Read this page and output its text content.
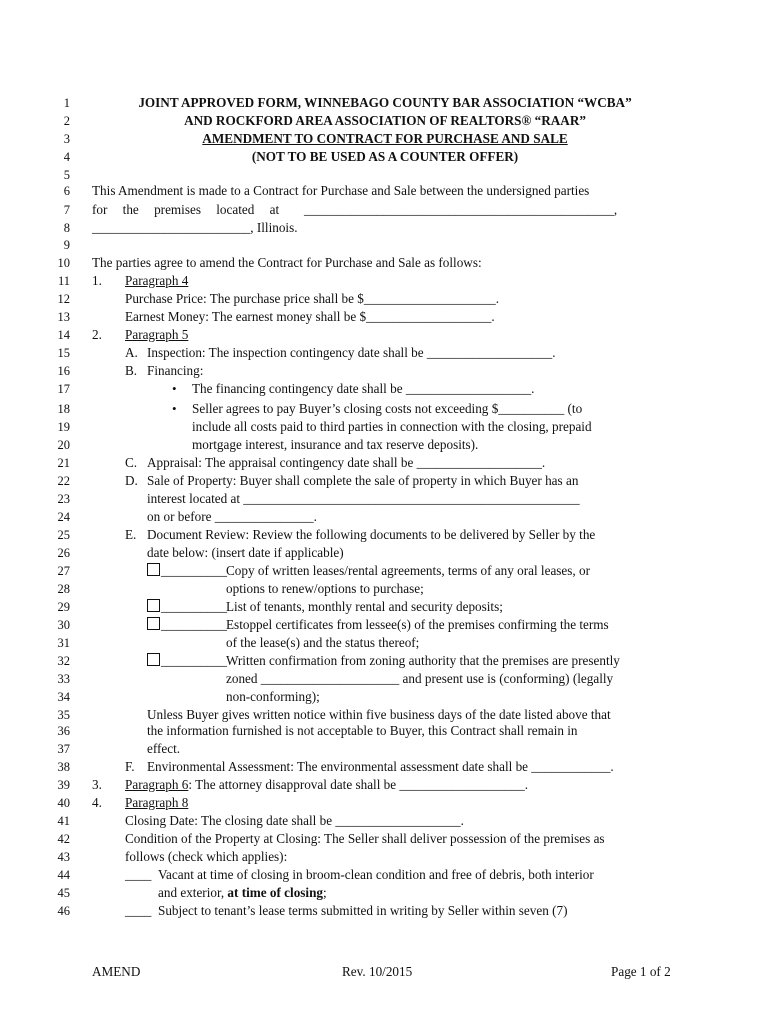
1
2
3
4
5
6
7
8
9
10
11
12
13
14
15
16
17
18
19
20
21
22
23
24
25
26
27
28
29
30
31
32
33
34
35
36
37
38
39
40
41
42
43
44
45
46
JOINT APPROVED FORM, WINNEBAGO COUNTY BAR ASSOCIATION “WCBA”
AND ROCKFORD AREA ASSOCIATION OF REALTORS® “RAAR”
AMENDMENT TO CONTRACT FOR PURCHASE AND SALE
(NOT TO BE USED AS A COUNTER OFFER)
This Amendment is made to a Contract for Purchase and Sale between the undersigned parties
for the premises located at _______________________________________________,
________________________, Illinois.
The parties agree to amend the Contract for Purchase and Sale as follows:
1. Paragraph 4
Purchase Price: The purchase price shall be $____________________.
Earnest Money: The earnest money shall be $___________________.
2. Paragraph 5
A. Inspection: The inspection contingency date shall be ___________________.
B. Financing:
• The financing contingency date shall be ___________________.
• Seller agrees to pay Buyer’s closing costs not exceeding $__________ (to
include all costs paid to third parties in connection with the closing, prepaid
mortgage interest, insurance and tax reserve deposits).
C. Appraisal: The appraisal contingency date shall be ___________________.
D. Sale of Property: Buyer shall complete the sale of property in which Buyer has an
interest located at ___________________________________________________
on or before _______________.
E. Document Review: Review the following documents to be delivered by Seller by the
date below: (insert date if applicable)
__________ Copy of written leases/rental agreements, terms of any oral leases, or
options to renew/options to purchase;
__________ List of tenants, monthly rental and security deposits;
__________ Estoppel certificates from lessee(s) of the premises confirming the terms
of the lease(s) and the status thereof;
__________ Written confirmation from zoning authority that the premises are presently
zoned _____________________ and present use is (conforming) (legally
non-conforming);
Unless Buyer gives written notice within five business days of the date listed above that
the information furnished is not acceptable to Buyer, this Contract shall remain in
effect.
F. Environmental Assessment: The environmental assessment date shall be ____________.
3. Paragraph 6: The attorney disapproval date shall be ___________________.
4. Paragraph 8
Closing Date: The closing date shall be ___________________.
Condition of the Property at Closing: The Seller shall deliver possession of the premises as
follows (check which applies):
____ Vacant at time of closing in broom-clean condition and free of debris, both interior
and exterior, at time of closing;
____ Subject to tenant’s lease terms submitted in writing by Seller within seven (7)
AMEND	Rev. 10/2015	Page 1 of 2
